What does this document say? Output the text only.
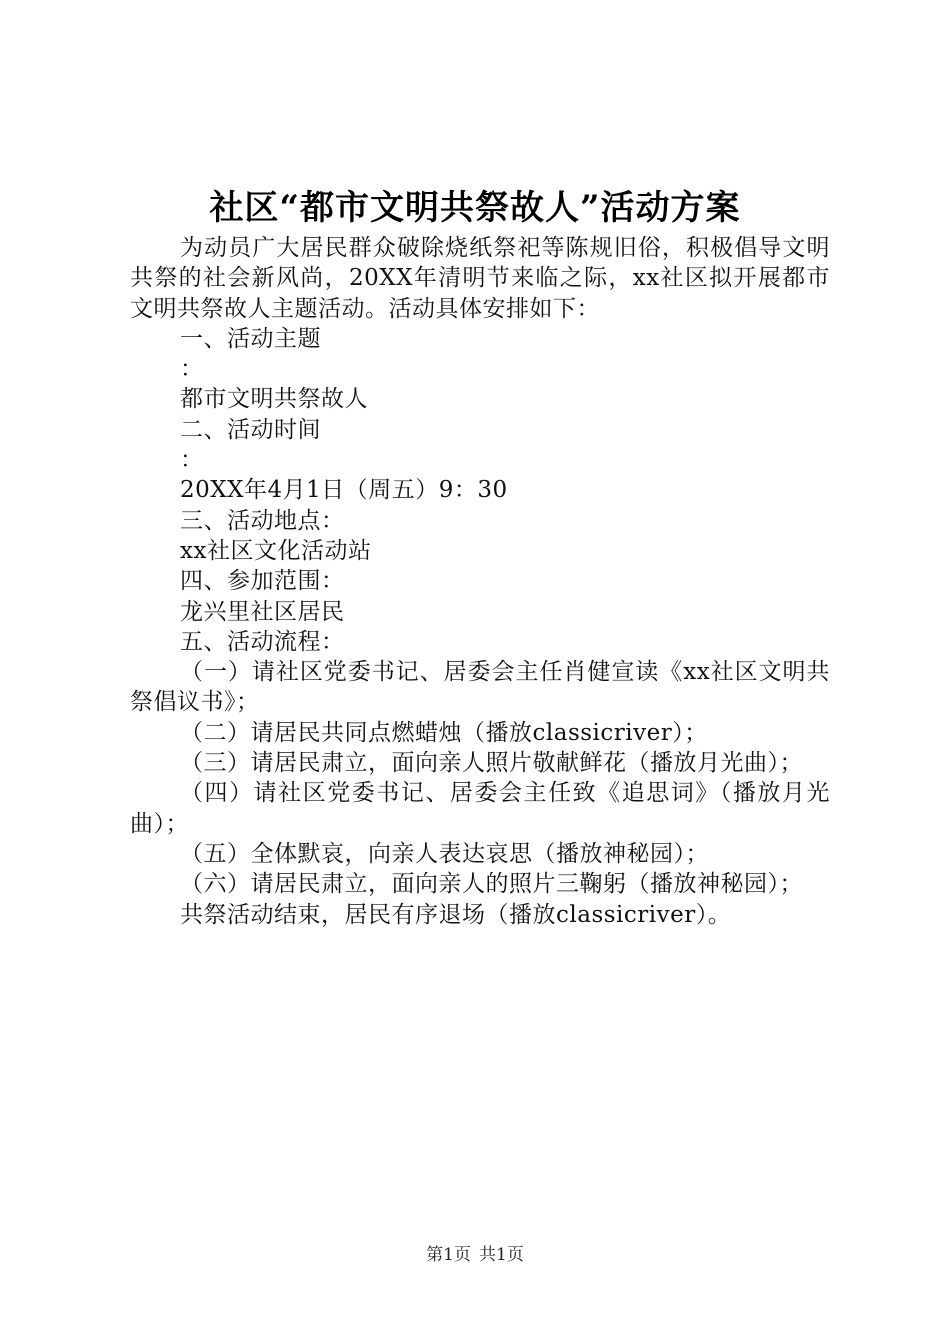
社区“都市文明共祭故人”活动方案
为动员广大居民群众破除烧纸祭祀等陈规旧俗，积极倡导文明共祭的社会新风尚，20XX年清明节来临之际，xx社区拟开展都市文明共祭故人主题活动。活动具体安排如下：
一、活动主题
：
都市文明共祭故人
二、活动时间
：
20XX年4月1日（周五）9：30
三、活动地点：
xx社区文化活动站
四、参加范围：
龙兴里社区居民
五、活动流程：
（一）请社区党委书记、居委会主任肖健宣读《xx社区文明共祭倡议书》；
（二）请居民共同点燃蜡烛（播放classicriver）；
（三）请居民肃立，面向亲人照片敬献鲜花（播放月光曲）；
（四）请社区党委书记、居委会主任致《追思词》（播放月光曲）；
（五）全体默哀，向亲人表达哀思（播放神秘园）；
（六）请居民肃立，面向亲人的照片三鞠躬（播放神秘园）；
共祭活动结束，居民有序退场（播放classicriver）。
第1页 共1页
